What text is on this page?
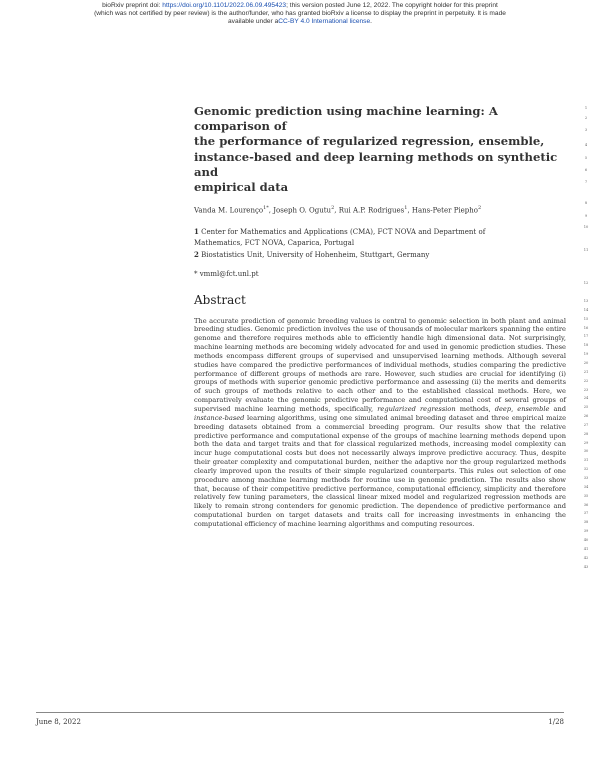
bioRxiv preprint doi: https://doi.org/10.1101/2022.06.09.495423; this version posted June 12, 2022. The copyright holder for this preprint
(which was not certified by peer review) is the author/funder, who has granted bioRxiv a license to display the preprint in perpetuity. It is made
available under aCC-BY 4.0 International license.
Genomic prediction using machine learning: A comparison of
the performance of regularized regression, ensemble,
instance-based and deep learning methods on synthetic and
empirical data
Vanda M. Lourenço$^{1*}$, Joseph O. Ogutu$^2$, Rui A.P. Rodrigues$^1$, Hans-Peter Piepho$^2$
1 Center for Mathematics and Applications (CMA), FCT NOVA and Department of
Mathematics, FCT NOVA, Caparica, Portugal
2 Biostatistics Unit, University of Hohenheim, Stuttgart, Germany
* vmml@fct.unl.pt
Abstract

The accurate prediction of genomic breeding values is central to genomic selection in both plant and animal breeding studies. Genomic prediction involves the use of thousands of molecular markers spanning the entire genome and therefore requires methods able to efficiently handle high dimensional data. Not surprisingly, machine learning methods are becoming widely advocated for and used in genomic prediction studies. These methods encompass different groups of supervised and unsupervised learning methods. Although several studies have compared the predictive performances of individual methods, studies comparing the predictive performance of different groups of methods are rare. However, such studies are crucial for identifying (i) groups of methods with superior genomic predictive performance and assessing (ii) the merits and demerits of such groups of methods relative to each other and to the established classical methods. Here, we comparatively evaluate the genomic predictive performance and computational cost of several groups of supervised machine learning methods, specifically, regularized regression methods, deep, ensemble and instance-based learning algorithms, using one simulated animal breeding dataset and three empirical maize breeding datasets obtained from a commercial breeding program. Our results show that the relative predictive performance and computational expense of the groups of machine learning methods depend upon both the data and target traits and that for classical regularized methods, increasing model complexity can incur huge computational costs but does not necessarily always improve predictive accuracy. Thus, despite their greater complexity and computational burden, neither the adaptive nor the group regularized methods clearly improved upon the results of their simple regularized counterparts. This rules out selection of one procedure among machine learning methods for routine use in genomic prediction. The results also show that, because of their competitive predictive performance, computational efficiency, simplicity and therefore relatively few tuning parameters, the classical linear mixed model and regularized regression methods are likely to remain strong contenders for genomic prediction. The dependence of predictive performance and computational burden on target datasets and traits call for increasing investments in enhancing the computational efficiency of machine learning algorithms and computing resources.

1
2
3
4
5
6
7
8
9
10
11
12
13
14
15
16
17
18
19
20
21
22
23
24
25
26
27
28
29
30
31
32
33
34
35
36
37
38
39
40
41
42
43
June 8, 2022	1/28
